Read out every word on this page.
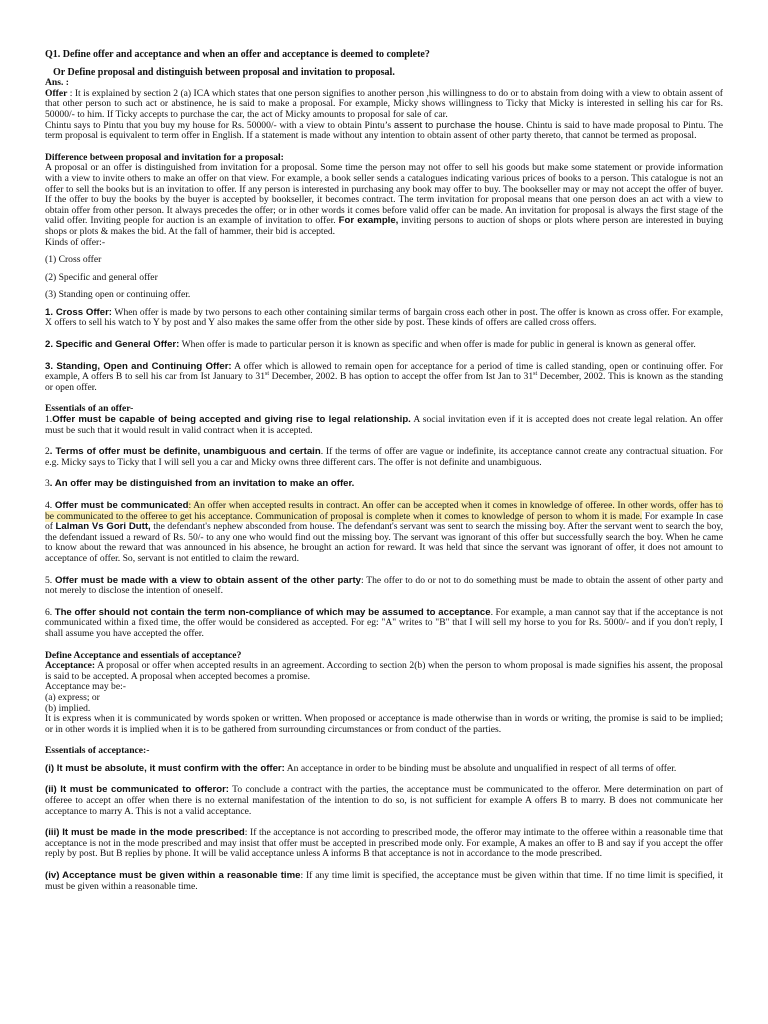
Q1. Define offer and acceptance and when an offer and acceptance is deemed to complete?

Or Define proposal and distinguish between proposal and invitation to proposal.

Ans. :

Offer : It is explained by section 2 (a) ICA which states that one person signifies to another person ,his willingness to do or to abstain from doing with a view to obtain assent of that other person to such act or abstinence, he is said to make a proposal. For example, Micky shows willingness to Ticky that Micky is interested in selling his car for Rs. 50000/- to him. If Ticky accepts to purchase the car, the act of Micky amounts to proposal for sale of car.

Chintu says to Pintu that you buy my house for Rs. 50000/- with a view to obtain Pintu’s assent to purchase the house. Chintu is said to have made proposal to Pintu. The term proposal is equivalent to term offer in English. If a statement is made without any intention to obtain assent of other party thereto, that cannot be termed as proposal.

Difference between proposal and invitation for a proposal:

A proposal or an offer is distinguished from invitation for a proposal. Some time the person may not offer to sell his goods but make some statement or provide information with a view to invite others to make an offer on that view. For example, a book seller sends a catalogues indicating various prices of books to a person. This catalogue is not an offer to sell the books but is an invitation to offer. If any person is interested in purchasing any book may offer to buy. The bookseller may or may not accept the offer of buyer. If the offer to buy the books by the buyer is accepted by bookseller, it becomes contract. The term invitation for proposal means that one person does an act with a view to obtain offer from other person. It always precedes the offer; or in other words it comes before valid offer can be made. An invitation for proposal is always the first stage of the valid offer. Inviting people for auction is an example of invitation to offer. For example, inviting persons to auction of shops or plots where person are interested in buying shops or plots & makes the bid. At the fall of hammer, their bid is accepted.

Kinds of offer:-

(1) Cross offer

(2) Specific and general offer

(3) Standing open or continuing offer.

1. Cross Offer: When offer is made by two persons to each other containing similar terms of bargain cross each other in post. The offer is known as cross offer. For example, X offers to sell his watch to Y by post and Y also makes the same offer from the other side by post. These kinds of offers are called cross offers.

2. Specific and General Offer: When offer is made to particular person it is known as specific and when offer is made for public in general is known as general offer.

3. Standing, Open and Continuing Offer: A offer which is allowed to remain open for acceptance for a period of time is called standing, open or continuing offer. For example, A offers B to sell his car from Ist January to 31st December, 2002. B has option to accept the offer from Ist Jan to 31st December, 2002. This is known as the standing or open offer.

Essentials of an offer-

1.Offer must be capable of being accepted and giving rise to legal relationship. A social invitation even if it is accepted does not create legal relation. An offer must be such that it would result in valid contract when it is accepted.

2. Terms of offer must be definite, unambiguous and certain. If the terms of offer are vague or indefinite, its acceptance cannot create any contractual situation. For e.g. Micky says to Ticky that I will sell you a car and Micky owns three different cars. The offer is not definite and unambiguous.

3. An offer may be distinguished from an invitation to make an offer.

4. Offer must be communicated: An offer when accepted results in contract. An offer can be accepted when it comes in knowledge of offeree. In other words, offer has to be communicated to the offeree to get his acceptance. Communication of proposal is complete when it comes to knowledge of person to whom it is made. For example In case of Lalman Vs Gori Dutt, the defendant's nephew absconded from house. The defendant's servant was sent to search the missing boy. After the servant went to search the boy, the defendant issued a reward of Rs. 50/- to any one who would find out the missing boy. The servant was ignorant of this offer but successfully search the boy. When he came to know about the reward that was announced in his absence, he brought an action for reward. It was held that since the servant was ignorant of offer, it does not amount to acceptance of offer. So, servant is not entitled to claim the reward.

5. Offer must be made with a view to obtain assent of the other party: The offer to do or not to do something must be made to obtain the assent of other party and not merely to disclose the intention of oneself.

6. The offer should not contain the term non-compliance of which may be assumed to acceptance. For example, a man cannot say that if the acceptance is not communicated within a fixed time, the offer would be considered as accepted. For eg: "A" writes to "B" that I will sell my horse to you for Rs. 5000/- and if you don't reply, I shall assume you have accepted the offer.

Define Acceptance and essentials of acceptance?

Acceptance: A proposal or offer when accepted results in an agreement. According to section 2(b) when the person to whom proposal is made signifies his assent, the proposal is said to be accepted. A proposal when accepted becomes a promise.

Acceptance may be:-

(a) express; or

(b) implied.

It is express when it is communicated by words spoken or written. When proposed or acceptance is made otherwise than in words or writing, the promise is said to be implied; or in other words it is implied when it is to be gathered from surrounding circumstances or from conduct of the parties.

Essentials of acceptance:-

(i) It must be absolute, it must confirm with the offer: An acceptance in order to be binding must be absolute and unqualified in respect of all terms of offer.

(ii) It must be communicated to offeror: To conclude a contract with the parties, the acceptance must be communicated to the offeror. Mere determination on part of offeree to accept an offer when there is no external manifestation of the intention to do so, is not sufficient for example A offers B to marry. B does not communicate her acceptance to marry A. This is not a valid acceptance.

(iii) It must be made in the mode prescribed: If the acceptance is not according to prescribed mode, the offeror may intimate to the offeree within a reasonable time that acceptance is not in the mode prescribed and may insist that offer must be accepted in prescribed mode only. For example, A makes an offer to B and say if you accept the offer reply by post. But B replies by phone. It will be valid acceptance unless A informs B that acceptance is not in accordance to the mode prescribed.

(iv) Acceptance must be given within a reasonable time: If any time limit is specified, the acceptance must be given within that time. If no time limit is specified, it must be given within a reasonable time.
